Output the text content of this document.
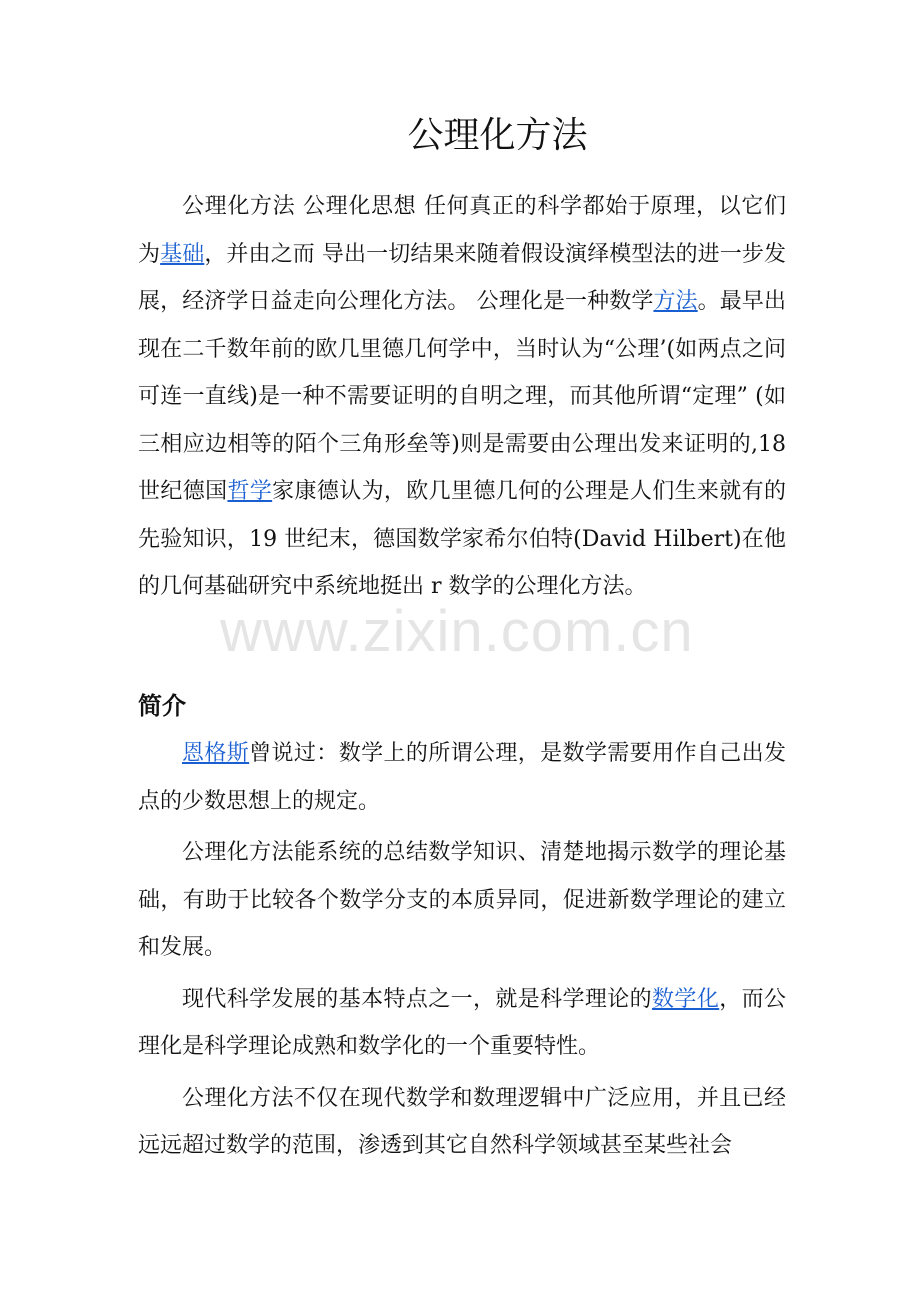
公理化方法

公理化方法 公理化思想 任何真正的科学都始于原理，以它们为基础，并由之而 导出一切结果来随着假设演绎模型法的进一步发展，经济学日益走向公理化方法。 公理化是一种数学方法。最早出现在二千数年前的欧几里德几何学中，当时认为“公理’(如两点之问可连一直线)是一种不需要证明的自明之理，而其他所谓“定理” (如三相应边相等的陌个三角形垒等)则是需要由公理出发来证明的,18 世纪德国哲学家康德认为，欧几里德几何的公理是人们生来就有的先验知识，19 世纪末，德国数学家希尔伯特(David Hilbert)在他的几何基础研究中系统地挺出 r 数学的公理化方法。

www.zixin.com.cn
简介

恩格斯曾说过：数学上的所谓公理，是数学需要用作自己出发点的少数思想上的规定。

公理化方法能系统的总结数学知识、清楚地揭示数学的理论基础，有助于比较各个数学分支的本质异同，促进新数学理论的建立和发展。

现代科学发展的基本特点之一，就是科学理论的数学化，而公理化是科学理论成熟和数学化的一个重要特性。

公理化方法不仅在现代数学和数理逻辑中广泛应用，并且已经远远超过数学的范围，渗透到其它自然科学领域甚至某些社会
